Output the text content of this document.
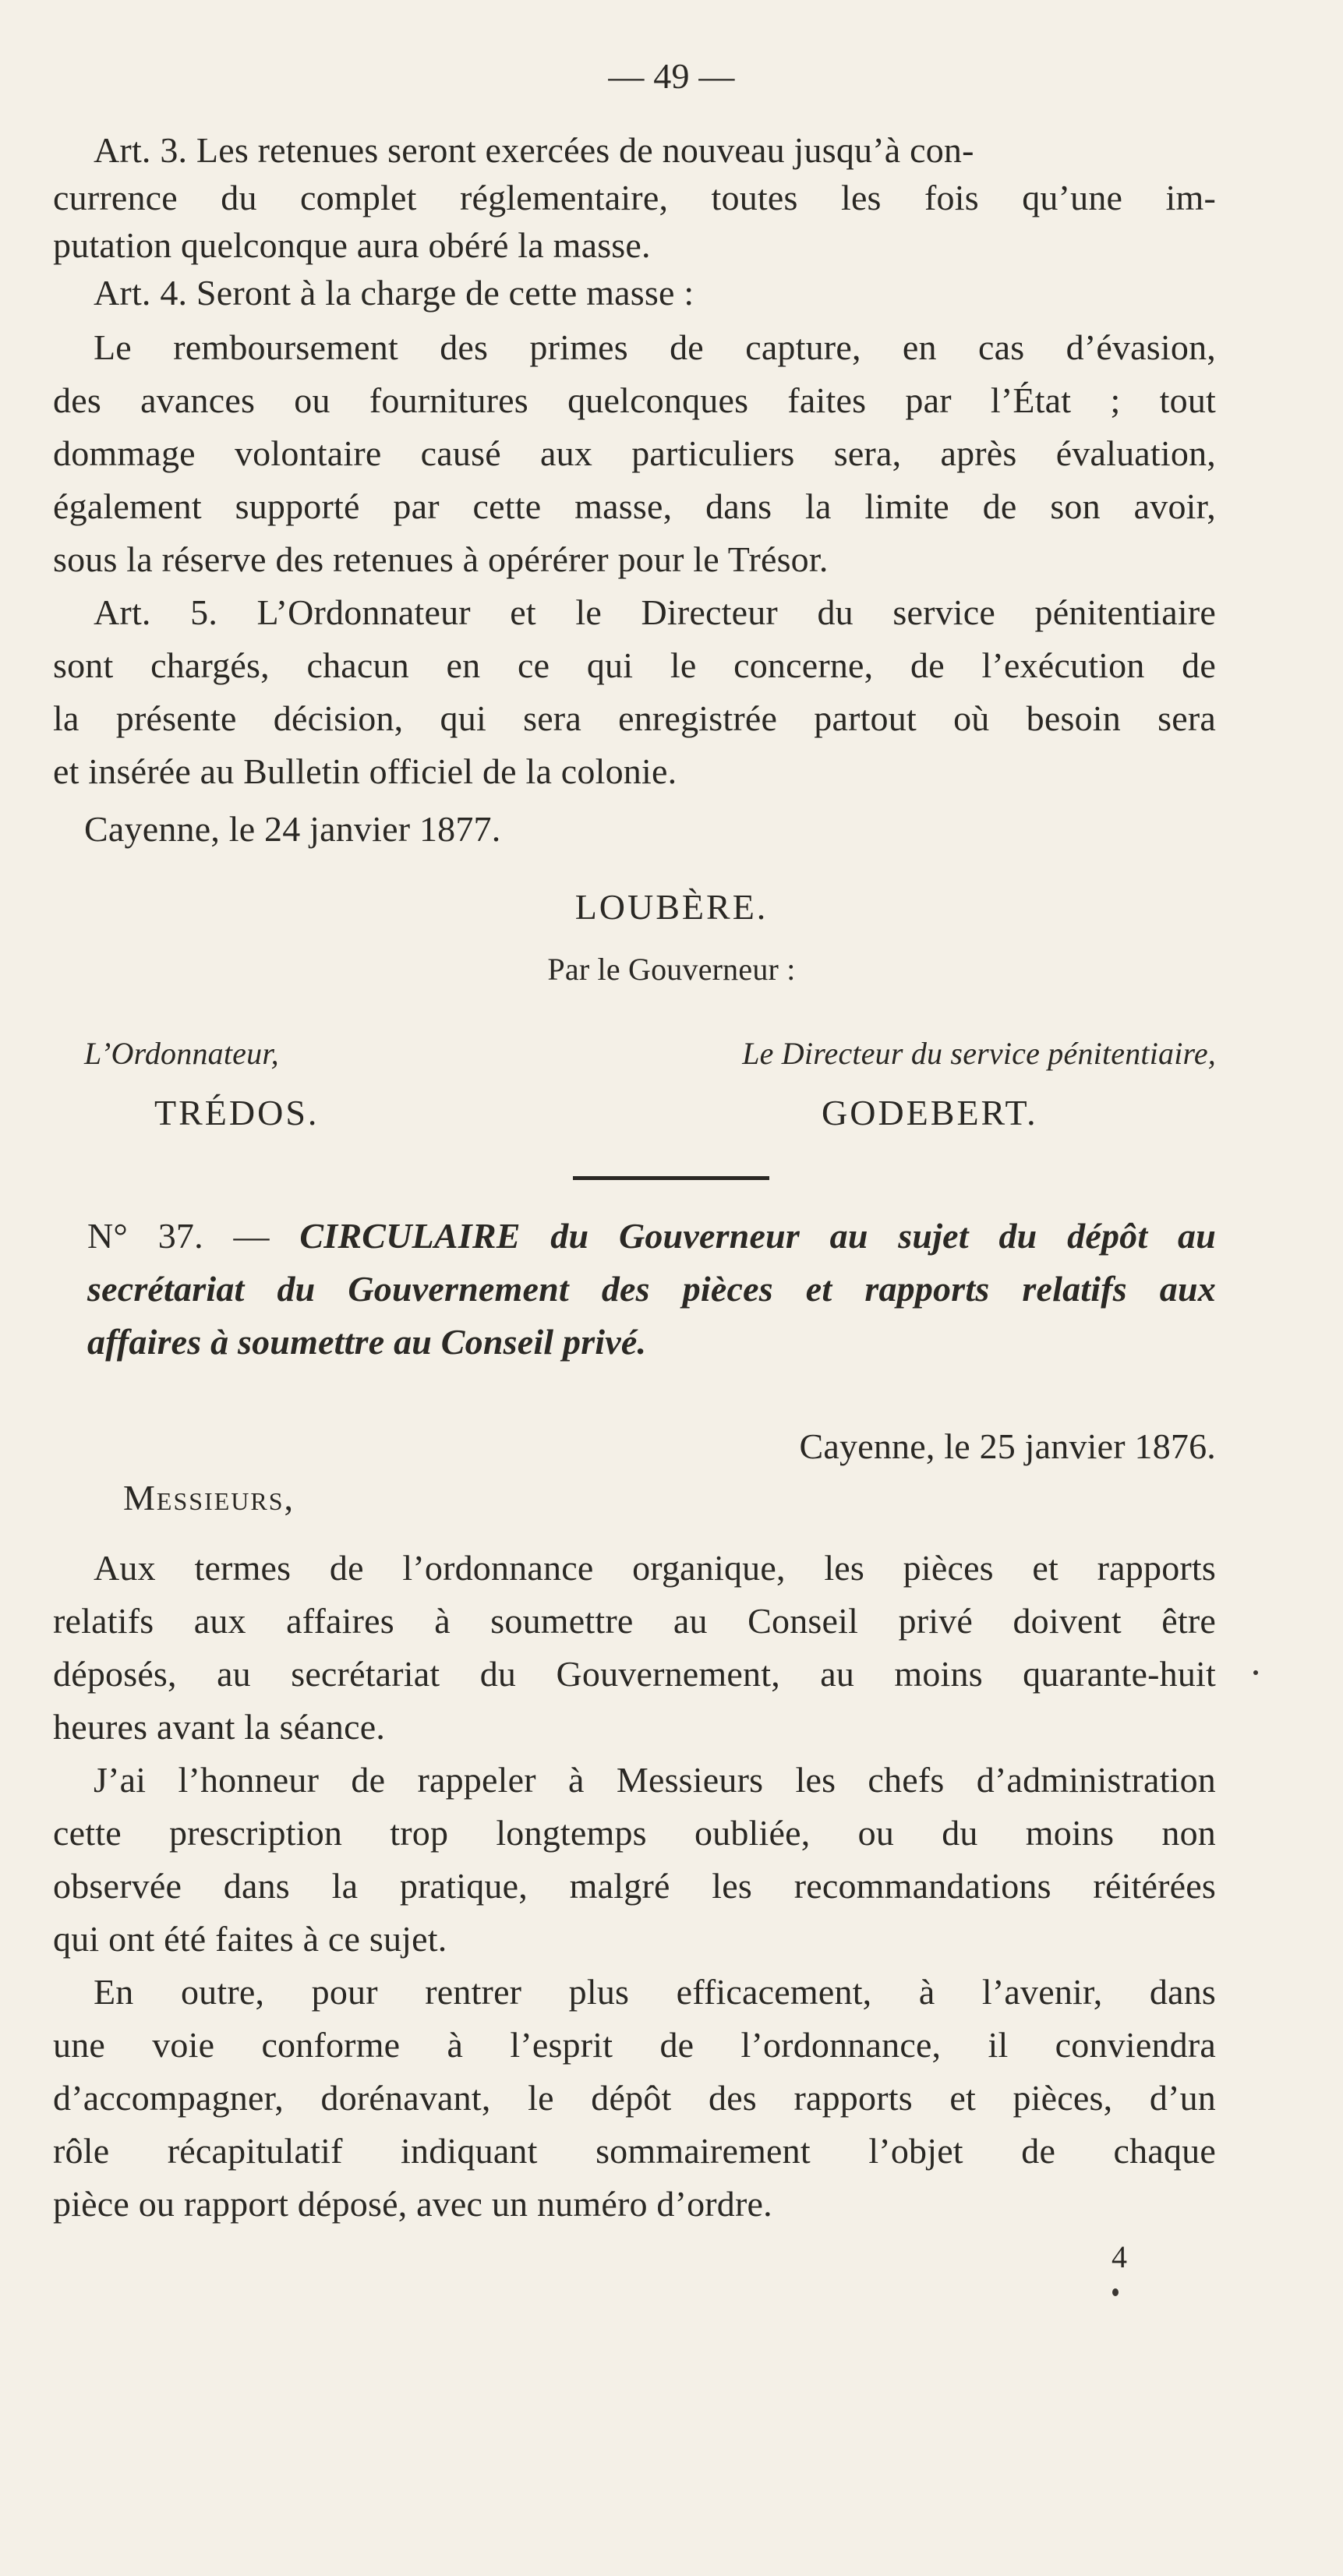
— 49 —
Art. 3. Les retenues seront exercées de nouveau jusqu’à con-
currence du complet réglementaire, toutes les fois qu’une im-
putation quelconque aura obéré la masse.
Art. 4. Seront à la charge de cette masse :
Le remboursement des primes de capture, en cas d’évasion,
des avances ou fournitures quelconques faites par l’État ; tout
dommage volontaire causé aux particuliers sera, après évaluation,
également supporté par cette masse, dans la limite de son avoir,
sous la réserve des retenues à opérérer pour le Trésor.
Art. 5. L’Ordonnateur et le Directeur du service pénitentiaire
sont chargés, chacun en ce qui le concerne, de l’exécution de
la présente décision, qui sera enregistrée partout où besoin sera
et insérée au Bulletin officiel de la colonie.
Cayenne, le 24 janvier 1877.
LOUBÈRE.
Par le Gouverneur :
L’Ordonnateur,
TRÉDOS.
Le Directeur du service pénitentiaire,
GODEBERT.
N° 37. — CIRCULAIRE du Gouverneur au sujet du dépôt au
secrétariat du Gouvernement des pièces et rapports relatifs aux
affaires à soumettre au Conseil privé.
Cayenne, le 25 janvier 1876.
Messieurs,
Aux termes de l’ordonnance organique, les pièces et rapports
relatifs aux affaires à soumettre au Conseil privé doivent être
déposés, au secrétariat du Gouvernement, au moins quarante-huit
heures avant la séance.
J’ai l’honneur de rappeler à Messieurs les chefs d’administration
cette prescription trop longtemps oubliée, ou du moins non
observée dans la pratique, malgré les recommandations réitérées
qui ont été faites à ce sujet.
En outre, pour rentrer plus efficacement, à l’avenir, dans
une voie conforme à l’esprit de l’ordonnance, il conviendra
d’accompagner, dorénavant, le dépôt des rapports et pièces, d’un
rôle récapitulatif indiquant sommairement l’objet de chaque
pièce ou rapport déposé, avec un numéro d’ordre.
4
